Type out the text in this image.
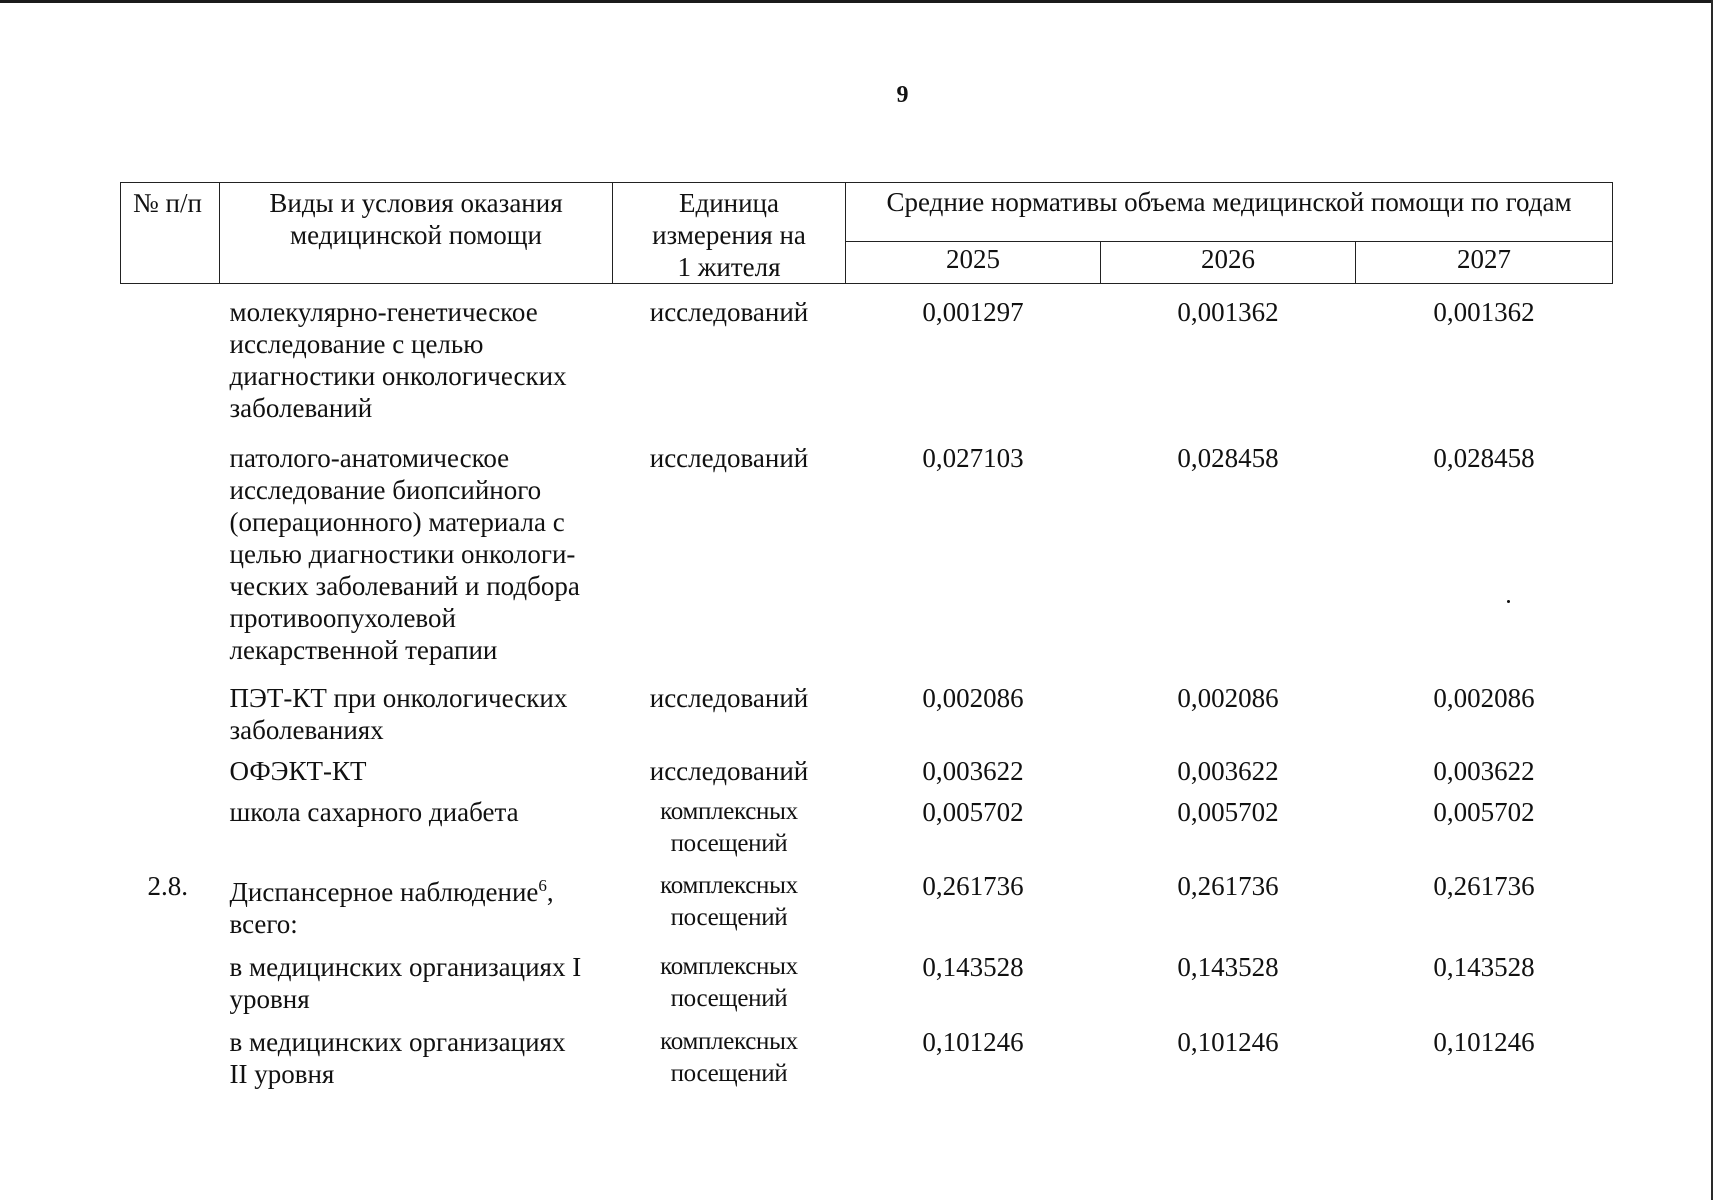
9
№ п/п	Виды и условия оказания медицинской помощи	Единица измерения на 1 жителя	Средние нормативы объема медицинской помощи по годам		
			2025	2026	2027

	молекулярно-генетическое исследование с целью диагностики онкологических заболеваний	исследований	0,001297	0,001362	0,001362

	патолого-анатомическое исследование биопсийного (операционного) материала с целью диагностики онкологи-ческих заболеваний и подбора противоопухолевой лекарственной терапии	исследований	0,027103	0,028458	0,028458

	ПЭТ-КТ при онкологических заболеваниях	исследований	0,002086	0,002086	0,002086
	ОФЭКТ-КТ	исследований	0,003622	0,003622	0,003622
	школа сахарного диабета	комплексных посещений	0,005702	0,005702	0,005702
2.8.	Диспансерное наблюдение$^6$, всего:	комплексных посещений	0,261736	0,261736	0,261736

	в медицинских организациях I уровня	комплексных посещений	0,143528	0,143528	0,143528

	в медицинских организациях II уровня	комплексных посещений	0,101246	0,101246	0,101246
